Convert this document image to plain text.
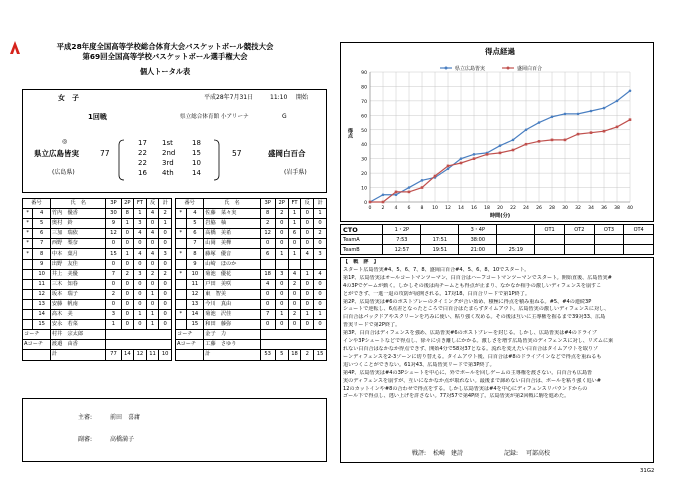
平成28年度全国高等学校総合体育大会バスケットボール競技大会
第69回全国高等学校バスケットボール選手権大会
個人トータル表
女　子	平成28年7月31日	11:10 開始
1回戦	県立総合体育館 小アリーナ	G
◎
県立広島皆実	77
(広島県)
17 1st	18
22 2nd 15
22 3rd	10
16 4th	14
57	盛岡白百合
(岩手県)
番号		氏　名	3P	2P	FT	反	計
*	4	竹内　優香	30	8	1	4	2
*	5	奥村　鈴	9	1	3	0	1
*	6	三加　瑞依	12	0	4	4	0
*	7	西野　梨奈	0	0	0	0	0
*	8	中本　葉月	15	1	4	4	3
	9	出野　友佳	0	0	0	0	0
	10	井上　美優	7	2	3	2	2
	11	三木　知春	0	0	0	0	0
	12	坂本　瑞子	2	0	0	1	0
	13	安藤　帆南	0	0	0	0	0
	14	髙木　美	3	0	1	1	0
	15	安永　若菜	1	0	0	1	0
コーチ		村井　宗太郎					
Aコーチ		渡邉　由香					
		計	77	14	12	11	10
番号		氏　名	3P	2P	FT	反	計
*	4	佐藤　菜々実	8	2	1	0	1
	5	岩脇　柚	2	0	1	0	0
*	6	高橋　美希	12	0	6	0	2
	7	山岡　美樺	0	0	0	0	0
*	8	藤塚　優音	6	1	1	4	3
	9	山崎　ほのか					
*	10	菊池　優花	18	3	4	1	4
	11	戸田　美咲	4	0	2	0	0
	12	東　智美	0	0	0	0	0
	13	今川　真由	0	0	0	0	0
*	14	菊池　沢佳	7	1	2	1	1
	15	和田　藤弥	0	0	0	0	0
コーチ		金子　力					
Aコーチ		工藤　さゆり					
		計	53	5	18	2	15
主審:	前田　喜庸
副審:	高橋満子
得点経過
0
10
20
30
40
50
60
70
80
90
0 2 4 6 8 10 12 14 16 18 20 22 24 26 28 30 32 34 36 38 40
時間(分)
得点
県立広島皆実	盛岡白百合
CTO	1・2P		3・4P		OT1	OT2	OT3	OT4
TeamA	7:53	17:51	38:00					
TeamB	12:57	19:51	21:00	25:19				
【　戦　評　】
スタート広島皆実#4、5、6、7、8、盛岡白百合#4、5、6、8、10でスタート。
第1P、広島皆実はオールコートマンツーマン、白百合はハーフコートマンツーマンでスタート。開始直後、広島皆実#
4の3Pでゲームが動く。しかしその後は両チームとも得点が止まり、なかなか相手の激しいディフェンスを崩すこ
とができず、一進一退の攻防が展開される。17対18、白百合リードで第1P終了。
第2P、広島皆実は#6のポストプレーのタイミングが合い始め、積極に得点を積み重ねる。#5、#4の連続3P
シュートで逆転し、6点差となったところで白百合はたまらずタイムアウト。広島皆実の激しいディフェンスに対し、
白百合はパックドアやスクリーンを巧みに使い、粘り強く攻める。その後は互いに主導権を握るまで39対33、広島
皆実リードで第2P終了。
第3P、白百合はディフェンスを強め、広島皆実#6のポストプレーを封じる。しかし、広島皆実は#4のドライブ
インや3Pシュートなどで得点し、徐々に引き離しにかかる。激しさを増す広島皆実のディフェンスに対し、リズムに乗
れない白百合はなかなか得点できず、開始4分で58対37となる。流れを変えたい白百合はタイムアウトを取りゾ
ーンディフェンスを2-3ゾーンに切り替える。タイムアウト後、白百合は#8のドライブインなどで得点を重ねるも
追いつくことができない。61対43、広島皆実リードで第3P終了。
第4P、広島皆実は#4の3Pシュートを中心に、外でボールを回しゲームの主導権を渡さない。白百合も広島皆
実のディフェンスを崩すが、互いになかなか点が取れない。最後まで諦めない白百合は、ボールを粘り強く追い#
12のカットインや#8の合わせで得点をする。しかし広島皆実は#4を中心にディフェンスリバウンドからの
ゴール下で得点し、逃い上げを許さない。77対57で第4P終了。広島皆実が第2回戦に駒を進めた。
戦評: 松崎　建詩	記録: 可部高校
31G2
